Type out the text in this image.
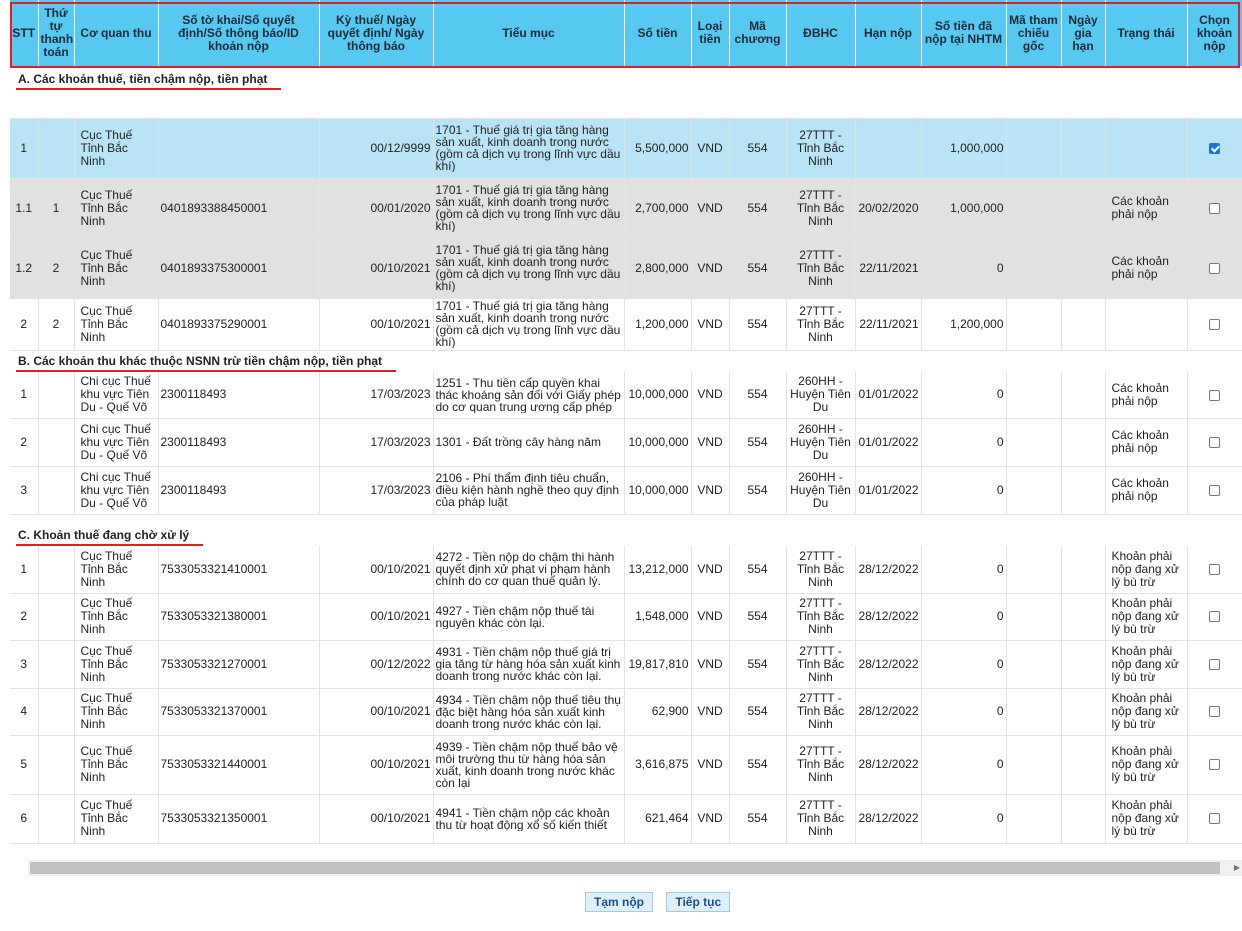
STT	Thứ tự thanh toán	Cơ quan thu	Số tờ khai/Số quyết định/Số thông báo/ID khoản nộp	Kỳ thuế/ Ngày quyết định/ Ngày thông báo	Tiểu mục	Số tiền	Loại tiền	Mã chương	ĐBHC	Hạn nộp	Số tiền đã nộp tại NHTM	Mã tham chiếu gốc	Ngày gia hạn	Trạng thái	Chọn khoản nộp
A. Các khoản thuế, tiền chậm nộp, tiền phạt															

1		Cục Thuế Tỉnh Bắc Ninh		00/12/9999	1701 - Thuế giá trị gia tăng hàng sản xuất, kinh doanh trong nước (gồm cả dịch vụ trong lĩnh vực dầu khí)	5,500,000	VND	554	27TTT - Tỉnh Bắc Ninh		1,000,000				
1.1	1	Cục Thuế Tỉnh Bắc Ninh	0401893388450001	00/01/2020	1701 - Thuế giá trị gia tăng hàng sản xuất, kinh doanh trong nước (gồm cả dịch vụ trong lĩnh vực dầu khí)	2,700,000	VND	554	27TTT - Tỉnh Bắc Ninh	20/02/2020	1,000,000			Các khoản phải nộp	
1.2	2	Cục Thuế Tỉnh Bắc Ninh	0401893375300001	00/10/2021	1701 - Thuế giá trị gia tăng hàng sản xuất, kinh doanh trong nước (gồm cả dịch vụ trong lĩnh vực dầu khí)	2,800,000	VND	554	27TTT - Tỉnh Bắc Ninh	22/11/2021	0			Các khoản phải nộp	
2	2	Cục Thuế Tỉnh Bắc Ninh	0401893375290001	00/10/2021	1701 - Thuế giá trị gia tăng hàng sản xuất, kinh doanh trong nước (gồm cả dịch vụ trong lĩnh vực dầu khí)	1,200,000	VND	554	27TTT - Tỉnh Bắc Ninh	22/11/2021	1,200,000				
B. Các khoản thu khác thuộc NSNN trừ tiền chậm nộp, tiền phạt															
1		Chi cục Thuế khu vực Tiên Du - Quế Võ	2300118493	17/03/2023	1251 - Thu tiền cấp quyền khai thác khoáng sản đối với Giấy phép do cơ quan trung ương cấp phép	10,000,000	VND	554	260HH - Huyện Tiên Du	01/01/2022	0			Các khoản phải nộp	
2		Chi cục Thuế khu vực Tiên Du - Quế Võ	2300118493	17/03/2023	1301 - Đất trồng cây hàng năm	10,000,000	VND	554	260HH - Huyện Tiên Du	01/01/2022	0			Các khoản phải nộp	
3		Chi cục Thuế khu vực Tiên Du - Quế Võ	2300118493	17/03/2023	2106 - Phí thẩm định tiêu chuẩn, điều kiện hành nghề theo quy định của pháp luật	10,000,000	VND	554	260HH - Huyện Tiên Du	01/01/2022	0			Các khoản phải nộp	
C. Khoản thuế đang chờ xử lý															
1		Cục Thuế Tỉnh Bắc Ninh	7533053321410001	00/10/2021	4272 - Tiền nộp do chậm thi hành quyết định xử phạt vi phạm hành chính do cơ quan thuế quản lý.	13,212,000	VND	554	27TTT - Tỉnh Bắc Ninh	28/12/2022	0			Khoản phải nộp đang xử lý bù trừ	
2		Cục Thuế Tỉnh Bắc Ninh	7533053321380001	00/10/2021	4927 - Tiền chậm nộp thuế tài nguyên khác còn lại.	1,548,000	VND	554	27TTT - Tỉnh Bắc Ninh	28/12/2022	0			Khoản phải nộp đang xử lý bù trừ	
3		Cục Thuế Tỉnh Bắc Ninh	7533053321270001	00/12/2022	4931 - Tiền chậm nộp thuế giá trị gia tăng từ hàng hóa sản xuất kinh doanh trong nước khác còn lại.	19,817,810	VND	554	27TTT - Tỉnh Bắc Ninh	28/12/2022	0			Khoản phải nộp đang xử lý bù trừ	
4		Cục Thuế Tỉnh Bắc Ninh	7533053321370001	00/10/2021	4934 - Tiền chậm nộp thuế tiêu thụ đặc biệt hàng hóa sản xuất kinh doanh trong nước khác còn lại.	62,900	VND	554	27TTT - Tỉnh Bắc Ninh	28/12/2022	0			Khoản phải nộp đang xử lý bù trừ	
5		Cục Thuế Tỉnh Bắc Ninh	7533053321440001	00/10/2021	4939 - Tiền chậm nộp thuế bảo vệ môi trường thu từ hàng hóa sản xuất, kinh doanh trong nước khác còn lại	3,616,875	VND	554	27TTT - Tỉnh Bắc Ninh	28/12/2022	0			Khoản phải nộp đang xử lý bù trừ	
6		Cục Thuế Tỉnh Bắc Ninh	7533053321350001	00/10/2021	4941 - Tiền chậm nộp các khoản thu từ hoạt động xổ số kiến thiết	621,464	VND	554	27TTT - Tỉnh Bắc Ninh	28/12/2022	0			Khoản phải nộp đang xử lý bù trừ	
▶
Tạm nộp	Tiếp tục
